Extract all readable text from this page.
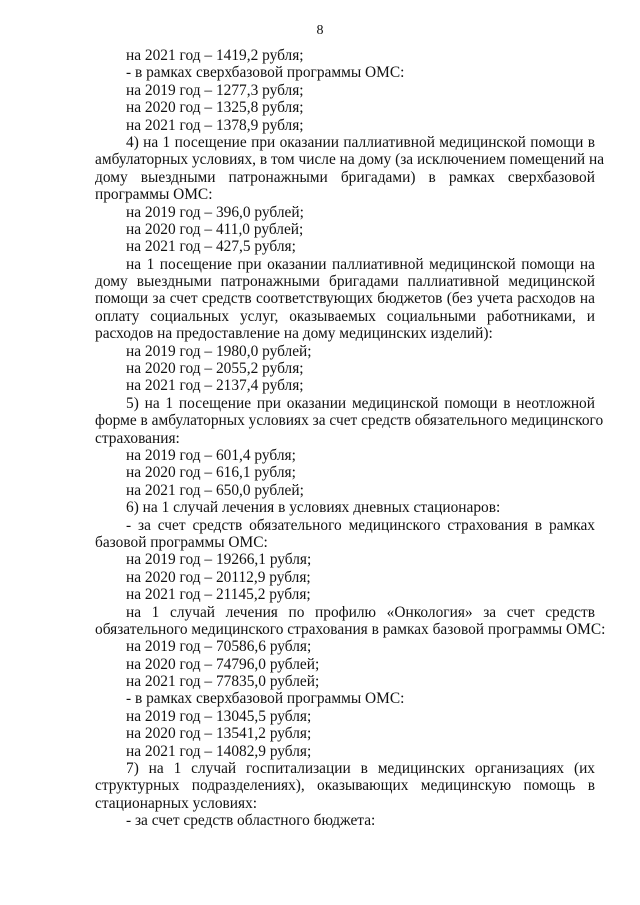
8
на 2021 год – 1419,2 рубля;
- в рамках сверхбазовой программы ОМС:
на 2019 год – 1277,3 рубля;
на 2020 год – 1325,8 рубля;
на 2021 год – 1378,9 рубля;
4) на 1 посещение при оказании паллиативной медицинской помощи в
амбулаторных условиях, в том числе на дому (за исключением помещений на
дому выездными патронажными бригадами) в рамках сверхбазовой
программы ОМС:
на 2019 год – 396,0 рублей;
на 2020 год – 411,0 рублей;
на 2021 год – 427,5 рубля;
на 1 посещение при оказании паллиативной медицинской помощи на
дому выездными патронажными бригадами паллиативной медицинской
помощи за счет средств соответствующих бюджетов (без учета расходов на
оплату социальных услуг, оказываемых социальными работниками, и
расходов на предоставление на дому медицинских изделий):
на 2019 год – 1980,0 рублей;
на 2020 год – 2055,2 рубля;
на 2021 год – 2137,4 рубля;
5) на 1 посещение при оказании медицинской помощи в неотложной
форме в амбулаторных условиях за счет средств обязательного медицинского
страхования:
на 2019 год – 601,4 рубля;
на 2020 год – 616,1 рубля;
на 2021 год – 650,0 рублей;
6) на 1 случай лечения в условиях дневных стационаров:
- за счет средств обязательного медицинского страхования в рамках
базовой программы ОМС:
на 2019 год – 19266,1 рубля;
на 2020 год – 20112,9 рубля;
на 2021 год – 21145,2 рубля;
на 1 случай лечения по профилю «Онкология» за счет средств
обязательного медицинского страхования в рамках базовой программы ОМС:
на 2019 год – 70586,6 рубля;
на 2020 год – 74796,0 рублей;
на 2021 год – 77835,0 рублей;
- в рамках сверхбазовой программы ОМС:
на 2019 год – 13045,5 рубля;
на 2020 год – 13541,2 рубля;
на 2021 год – 14082,9 рубля;
7) на 1 случай госпитализации в медицинских организациях (их
структурных подразделениях), оказывающих медицинскую помощь в
стационарных условиях:
- за счет средств областного бюджета:
